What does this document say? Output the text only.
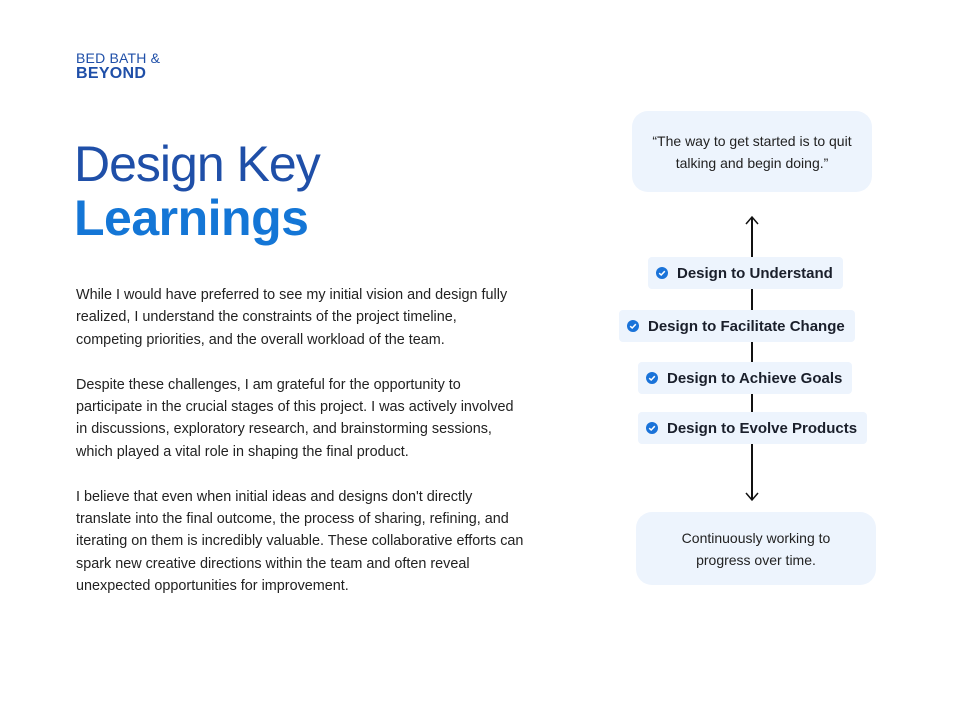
BED BATH &
BEYOND
Design Key
Learnings

While I would have preferred to see my initial vision and design fully realized, I understand the constraints of the project timeline, competing priorities, and the overall workload of the team.

Despite these challenges, I am grateful for the opportunity to participate in the crucial stages of this project. I was actively involved in discussions, exploratory research, and brainstorming sessions, which played a vital role in shaping the final product.

I believe that even when initial ideas and designs don't directly translate into the final outcome, the process of sharing, refining, and iterating on them is incredibly valuable. These collaborative efforts can spark new creative directions within the team and often reveal unexpected opportunities for improvement.

“The way to get started is to quit talking and begin doing.”
Design to Understand
Design to Facilitate Change
Design to Achieve Goals
Design to Evolve Products
Continuously working to progress over time.
